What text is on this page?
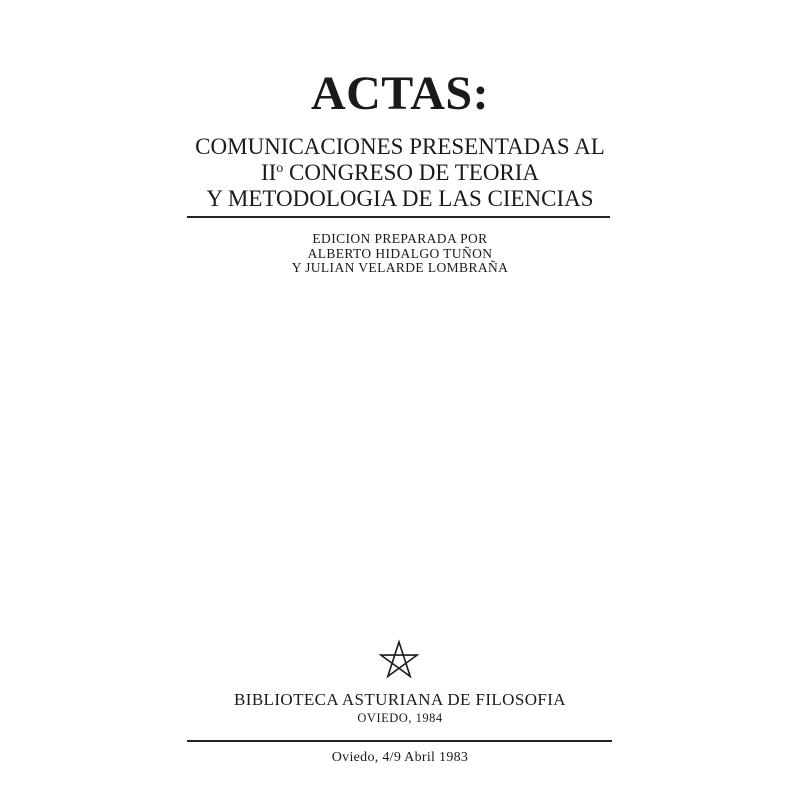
ACTAS:
COMUNICACIONES PRESENTADAS AL
$II^o$ CONGRESO DE TEORIA
Y METODOLOGIA DE LAS CIENCIAS
EDICION PREPARADA POR
ALBERTO HIDALGO TUÑON
Y JULIAN VELARDE LOMBRAÑA
BIBLIOTECA ASTURIANA DE FILOSOFIA
OVIEDO, 1984
Oviedo, 4/9 Abril 1983
